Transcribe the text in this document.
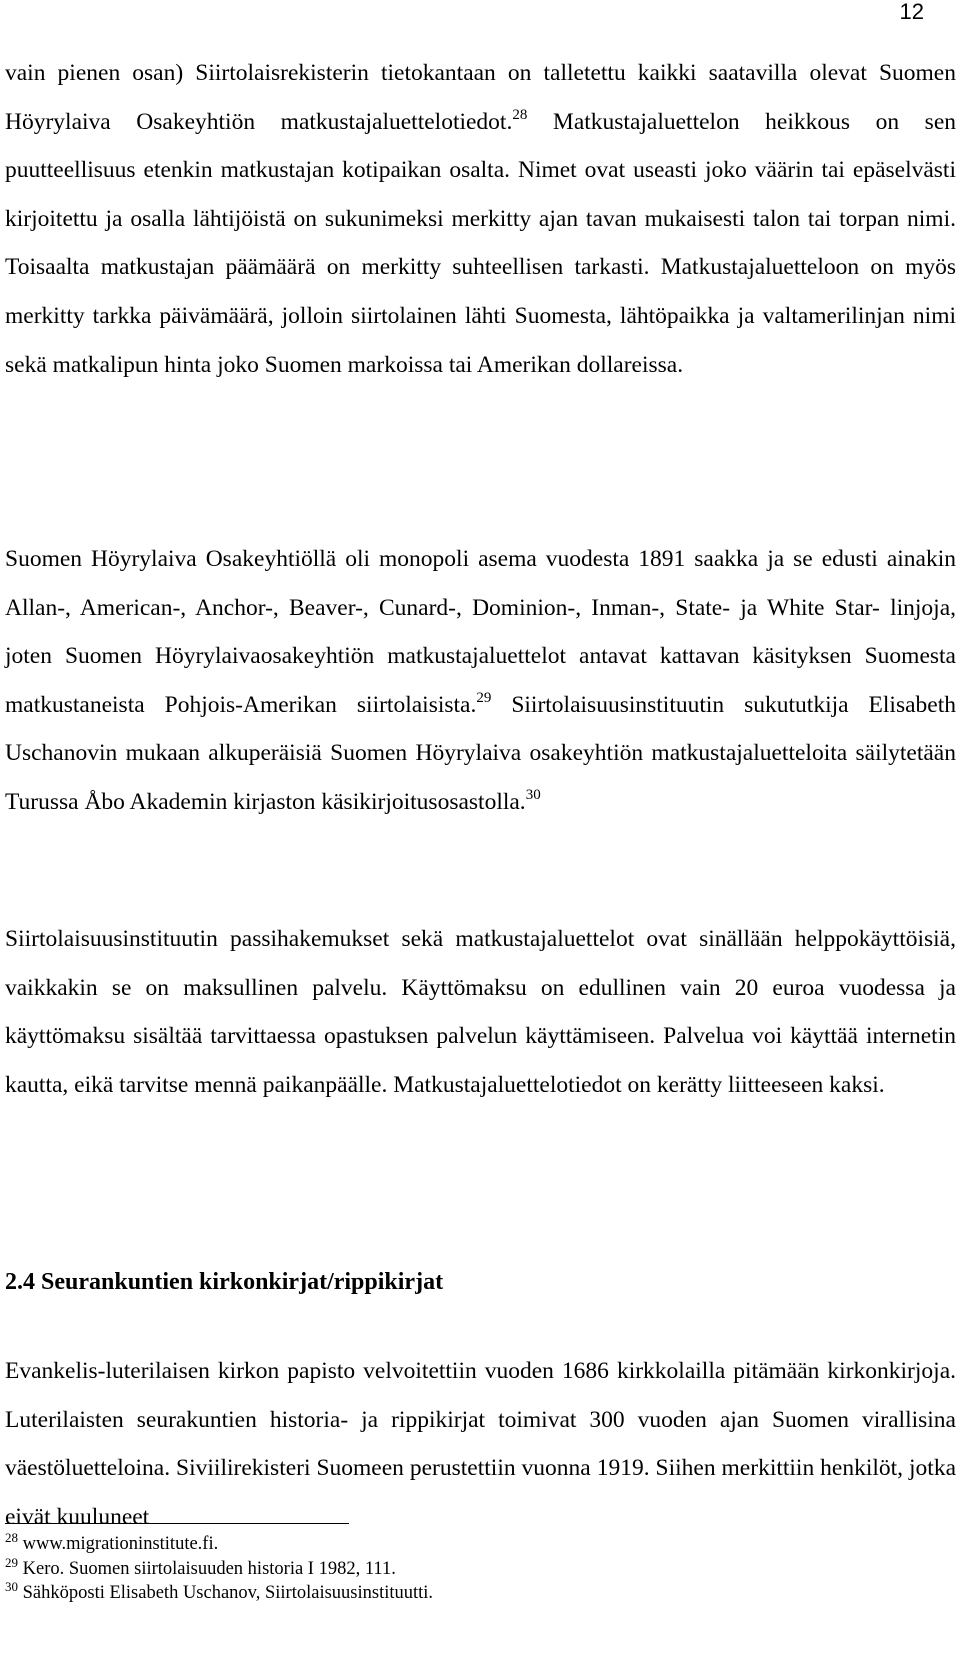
12

vain pienen osan) Siirtolaisrekisterin tietokantaan on talletettu kaikki saatavilla olevat Suomen Höyrylaiva Osakeyhtiön matkustajaluettelotiedot.$^{28}$ Matkustajaluettelon heikkous on sen puutteellisuus etenkin matkustajan kotipaikan osalta. Nimet ovat useasti joko väärin tai epäselvästi kirjoitettu ja osalla lähtijöistä on sukunimeksi merkitty ajan tavan mukaisesti talon tai torpan nimi. Toisaalta matkustajan päämäärä on merkitty suhteellisen tarkasti. Matkustajaluetteloon on myös merkitty tarkka päivämäärä, jolloin siirtolainen lähti Suomesta, lähtöpaikka ja valtamerilinjan nimi sekä matkalipun hinta joko Suomen markoissa tai Amerikan dollareissa.

Suomen Höyrylaiva Osakeyhtiöllä oli monopoli asema vuodesta 1891 saakka ja se edusti ainakin Allan-, American-, Anchor-, Beaver-, Cunard-, Dominion-, Inman-, State- ja White Star- linjoja, joten Suomen Höyrylaivaosakeyhtiön matkustajaluettelot antavat kattavan käsityksen Suomesta matkustaneista Pohjois-Amerikan siirtolaisista.$^{29}$ Siirtolaisuusinstituutin sukututkija Elisabeth Uschanovin mukaan alkuperäisiä Suomen Höyrylaiva osakeyhtiön matkustajaluetteloita säilytetään Turussa Åbo Akademin kirjaston käsikirjoitusosastolla.$^{30}$

Siirtolaisuusinstituutin passihakemukset sekä matkustajaluettelot ovat sinällään helppokäyttöisiä, vaikkakin se on maksullinen palvelu. Käyttömaksu on edullinen vain 20 euroa vuodessa ja käyttömaksu sisältää tarvittaessa opastuksen palvelun käyttämiseen. Palvelua voi käyttää internetin kautta, eikä tarvitse mennä paikanpäälle. Matkustajaluettelotiedot on kerätty liitteeseen kaksi.

2.4 Seurankuntien kirkonkirjat/rippikirjat

Evankelis-luterilaisen kirkon papisto velvoitettiin vuoden 1686 kirkkolailla pitämään kirkonkirjoja. Luterilaisten seurakuntien historia- ja rippikirjat toimivat 300 vuoden ajan Suomen virallisina väestöluetteloina. Siviilirekisteri Suomeen perustettiin vuonna 1919. Siihen merkittiin henkilöt, jotka eivät kuuluneet

$^{28}$ www.migrationinstitute.fi.
$^{29}$ Kero. Suomen siirtolaisuuden historia I 1982, 111.
$^{30}$ Sähköposti Elisabeth Uschanov, Siirtolaisuusinstituutti.
